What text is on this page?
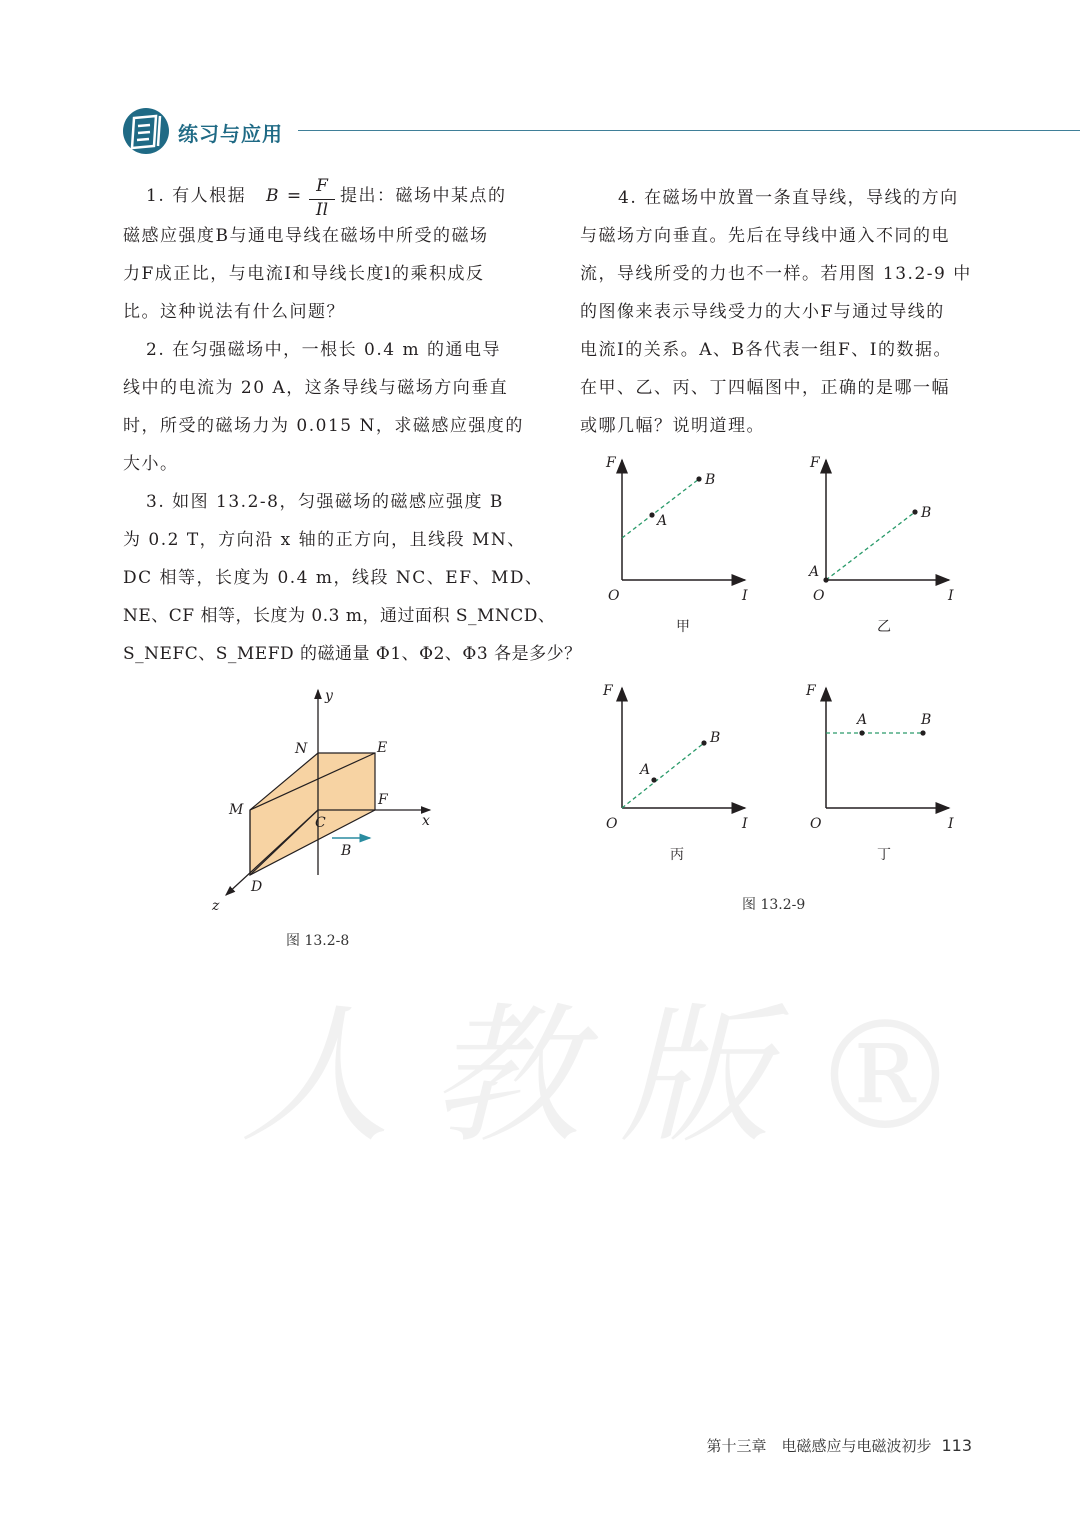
练习与应用
人教版®
1. 有人根据 B = F
Il
提出：磁场中某点的
磁感应强度B与通电导线在磁场中所受的磁场
力F成正比，与电流I和导线长度l的乘积成反
比。这种说法有什么问题？
2. 在匀强磁场中，一根长 0.4 m 的通电导
线中的电流为 20 A，这条导线与磁场方向垂直
时，所受的磁场力为 0.015 N，求磁感应强度的
大小。
3. 如图 13.2-8，匀强磁场的磁感应强度 B
为 0.2 T，方向沿 x 轴的正方向，且线段 MN、
DC 相等，长度为 0.4 m，线段 NC、EF、MD、
NE、CF 相等，长度为 0.3 m，通过面积 S_MNCD、
S_NEFC、S_MEFD 的磁通量 Φ1、Φ2、Φ3 各是多少？
y
x
z
N	E
F
M
C
D
B
图 13.2-8
4. 在磁场中放置一条直导线，导线的方向
与磁场方向垂直。先后在导线中通入不同的电
流，导线所受的力也不一样。若用图 13.2-9 中
的图像来表示导线受力的大小F与通过导线的
电流I的关系。A、B各代表一组F、I的数据。
在甲、乙、丙、丁四幅图中，正确的是哪一幅
或哪几幅？说明道理。
F
I
O
A
B
甲
F
I
O
A
B
乙
F
I
O
A
B
丙
F
I
O
A	B
丁
图 13.2-9
第十三章　电磁感应与电磁波初步 113
